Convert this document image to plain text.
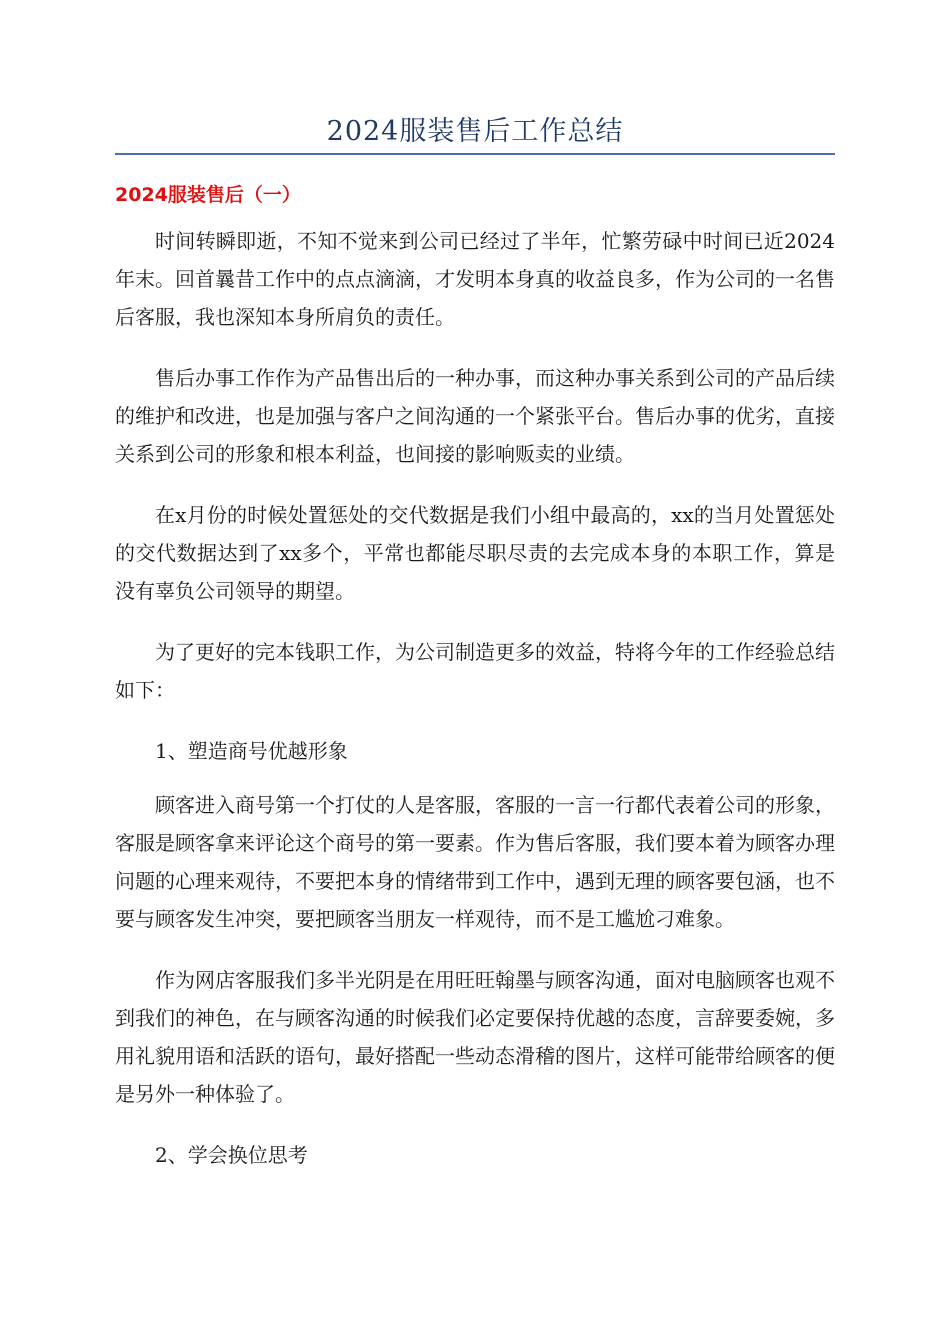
2024服装售后工作总结
2024服装售后（一）

时间转瞬即逝，不知不觉来到公司已经过了半年，忙繁劳碌中时间已近2024年末。回首曩昔工作中的点点滴滴，才发明本身真的收益良多，作为公司的一名售后客服，我也深知本身所肩负的责任。

售后办事工作作为产品售出后的一种办事，而这种办事关系到公司的产品后续的维护和改进，也是加强与客户之间沟通的一个紧张平台。售后办事的优劣，直接关系到公司的形象和根本利益，也间接的影响贩卖的业绩。

在x月份的时候处置惩处的交代数据是我们小组中最高的，xx的当月处置惩处的交代数据达到了xx多个，平常也都能尽职尽责的去完成本身的本职工作，算是没有辜负公司领导的期望。

为了更好的完本钱职工作，为公司制造更多的效益，特将今年的工作经验总结如下：

1、塑造商号优越形象

顾客进入商号第一个打仗的人是客服，客服的一言一行都代表着公司的形象，客服是顾客拿来评论这个商号的第一要素。作为售后客服，我们要本着为顾客办理问题的心理来观待，不要把本身的情绪带到工作中，遇到无理的顾客要包涵，也不要与顾客发生冲突，要把顾客当朋友一样观待，而不是工尴尬刁难象。

作为网店客服我们多半光阴是在用旺旺翰墨与顾客沟通，面对电脑顾客也观不到我们的神色，在与顾客沟通的时候我们必定要保持优越的态度，言辞要委婉，多用礼貌用语和活跃的语句，最好搭配一些动态滑稽的图片，这样可能带给顾客的便是另外一种体验了。

2、学会换位思考
